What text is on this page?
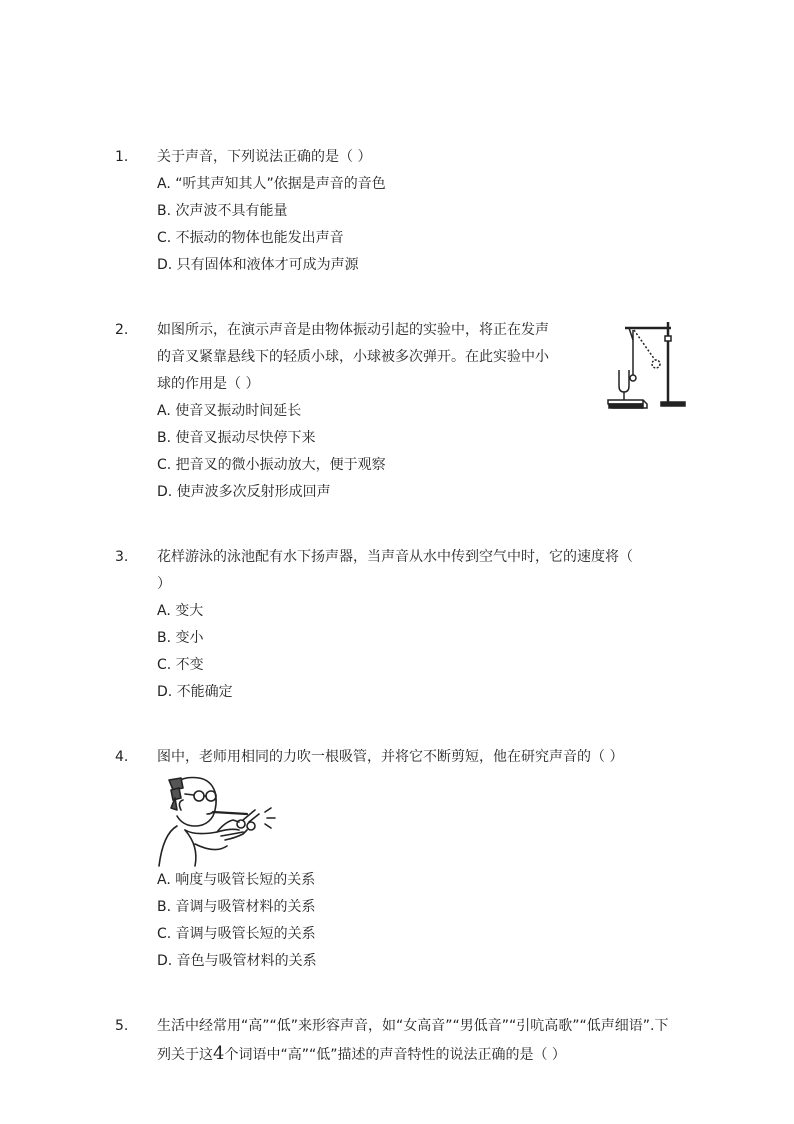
1. 关于声音，下列说法正确的是（ ）
A. “听其声知其人”依据是声音的音色
B. 次声波不具有能量
C. 不振动的物体也能发出声音
D. 只有固体和液体才可成为声源
2. 如图所示，在演示声音是由物体振动引起的实验中，将正在发声
的音叉紧靠悬线下的轻质小球，小球被多次弹开。在此实验中小
球的作用是（ ）
A. 使音叉振动时间延长
B. 使音叉振动尽快停下来
C. 把音叉的微小振动放大，便于观察
D. 使声波多次反射形成回声
3. 花样游泳的泳池配有水下扬声器，当声音从水中传到空气中时，它的速度将（
）
A. 变大
B. 变小
C. 不变
D. 不能确定
4. 图中，老师用相同的力吹一根吸管，并将它不断剪短，他在研究声音的（ ）
A. 响度与吸管长短的关系
B. 音调与吸管材料的关系
C. 音调与吸管长短的关系
D. 音色与吸管材料的关系
5. 生活中经常用“高”“低”来形容声音，如“女高音”“男低音”“引吭高歌”“低声细语”.下
列关于这4个词语中“高”“低”描述的声音特性的说法正确的是（ ）
